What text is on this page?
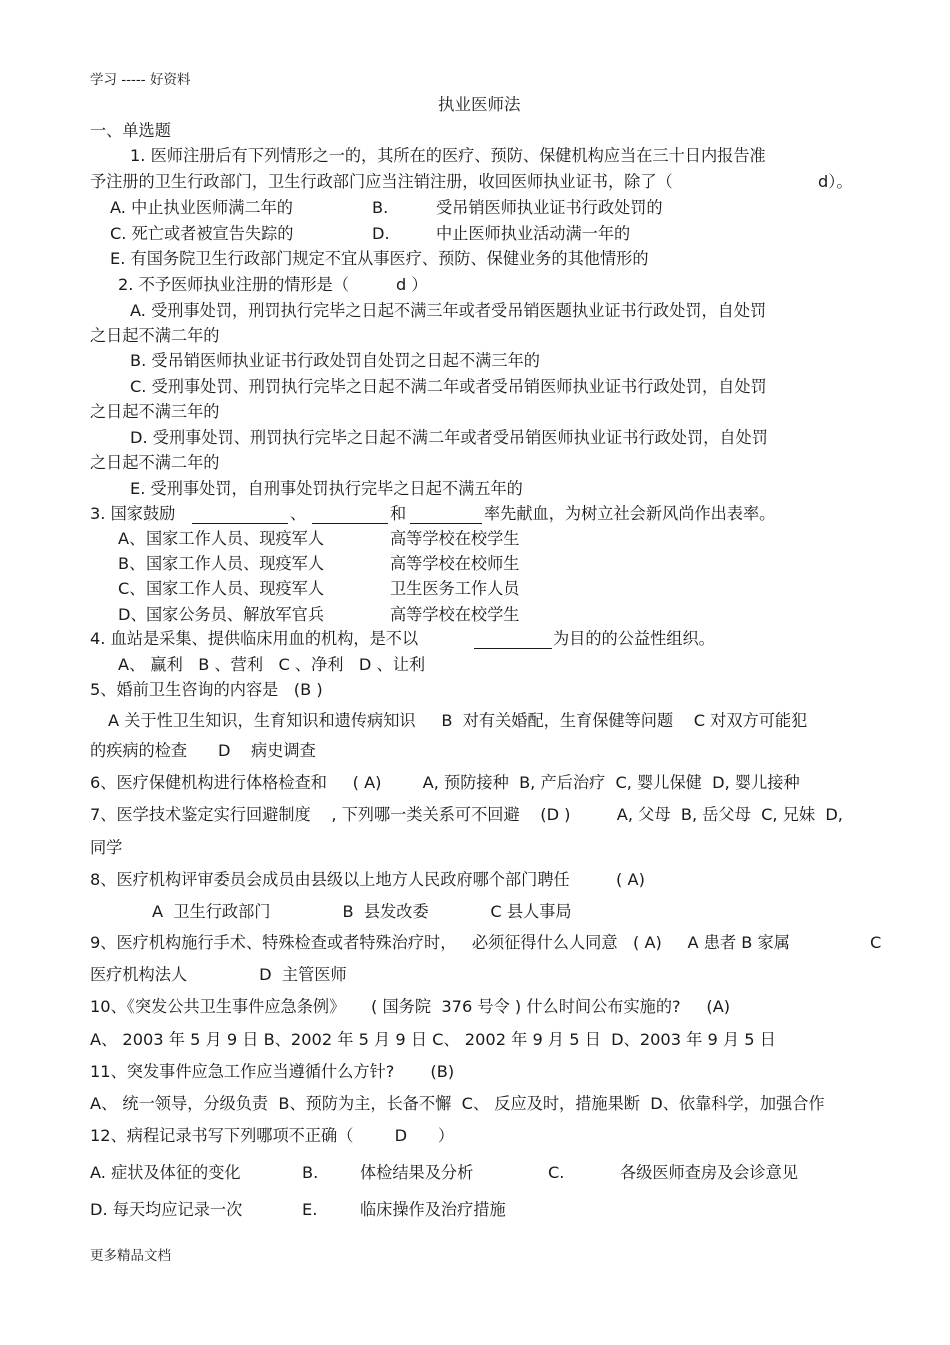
学习 ----- 好资料
更多精品文档
执业医师法
一、单选题
1. 医师注册后有下列情形之一的，其所在的医疗、预防、保健机构应当在三十日内报告准
予注册的卫生行政部门，卫生行政部门应当注销注册，收回医师执业证书，除了（	d）。
A. 中止执业医师满二年的	B.	受吊销医师执业证书行政处罚的
C. 死亡或者被宣告失踪的	D.	中止医师执业活动满一年的
E. 有国务院卫生行政部门规定不宜从事医疗、预防、保健业务的其他情形的
2. 不予医师执业注册的情形是（	d ）
A. 受刑事处罚，刑罚执行完毕之日起不满三年或者受吊销医题执业证书行政处罚，自处罚
之日起不满二年的
B. 受吊销医师执业证书行政处罚自处罚之日起不满三年的
C. 受刑事处罚、刑罚执行完毕之日起不满二年或者受吊销医师执业证书行政处罚，自处罚
之日起不满三年的
D. 受刑事处罚、刑罚执行完毕之日起不满二年或者受吊销医师执业证书行政处罚，自处罚
之日起不满二年的
E. 受刑事处罚，自刑事处罚执行完毕之日起不满五年的
3. 国家鼓励	、	和	率先献血，为树立社会新风尚作出表率。
A、 国家工作人员、现疫军人	高等学校在校学生
B、 国家工作人员、现疫军人	高等学校在校师生
C、 国家工作人员、现疫军人	卫生医务工作人员
D、 国家公务员、解放军官兵	高等学校在校学生
4. 血站是采集、提供临床用血的机构，是不以	为目的的公益性组织。
A、 赢利   B 、营利   C 、净利   D 、让利
5、婚前卫生咨询的内容是   (B )
A 关于性卫生知识，生育知识和遗传病知识     B  对有关婚配，生育保健等问题    C 对双方可能犯
的疾病的检查      D    病史调查
6、医疗保健机构进行体格检查和     ( A)        A, 预防接种  B, 产后治疗  C, 婴儿保健  D, 婴儿接种
7、医学技术鉴定实行回避制度    , 下列哪一类关系可不回避    (D )         A, 父母  B, 岳父母  C, 兄妹  D,
同学
8、医疗机构评审委员会成员由县级以上地方人民政府哪个部门聘任         ( A)
A  卫生行政部门              B  县发改委            C 县人事局
9、医疗机构施行手术、特殊检查或者特殊治疗时，   必须征得什么人同意   ( A)     A 患者 B 家属	C
医疗机构法人              D  主管医师
10、《突发公共卫生事件应急条例》     ( 国务院  376 号令 ) 什么时间公布实施的?     (A)
A、 2003 年 5 月 9 日 B、2002 年 5 月 9 日 C、 2002 年 9 月 5 日  D、2003 年 9 月 5 日
11、突发事件应急工作应当遵循什么方针?       (B)
A、 统一领导，分级负责  B、预防为主，长备不懈  C、 反应及时，措施果断  D、依靠科学，加强合作
12、病程记录书写下列哪项不正确（        D      ）
A. 症状及体征的变化	B.	体检结果及分析	C.	各级医师查房及会诊意见
D. 每天均应记录一次	E.	临床操作及治疗措施
